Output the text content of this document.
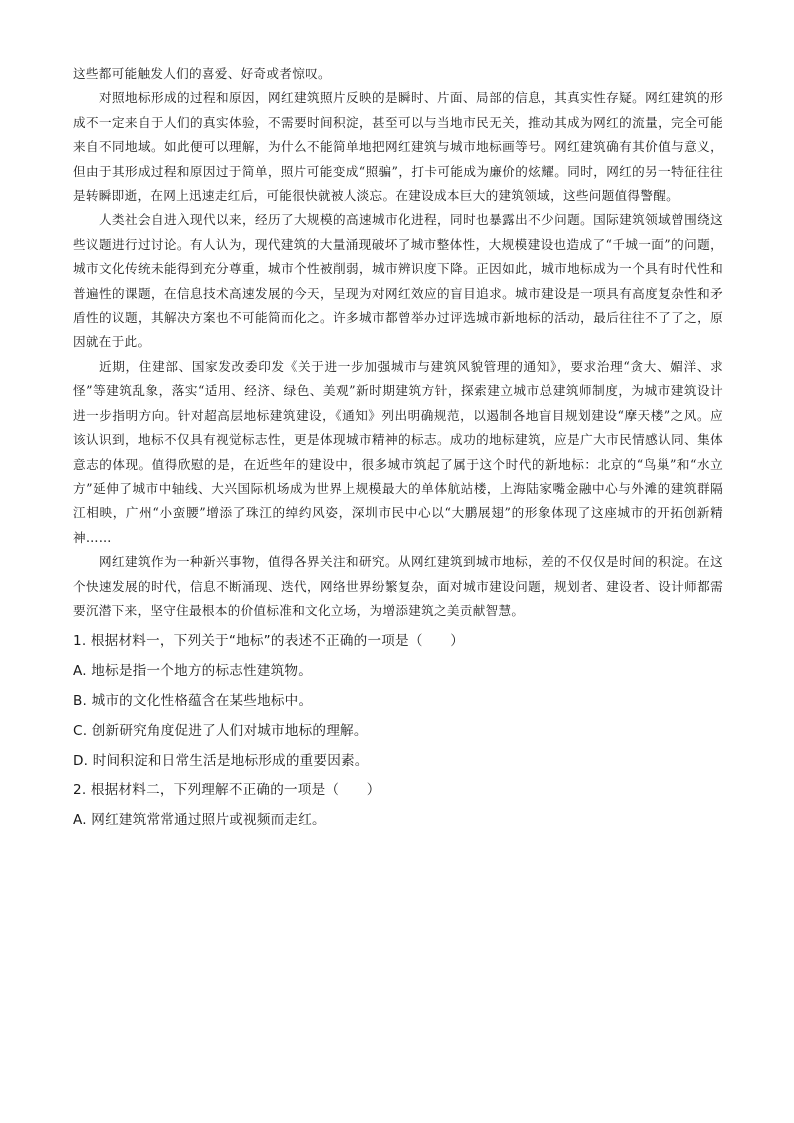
这些都可能触发人们的喜爱、好奇或者惊叹。

对照地标形成的过程和原因，网红建筑照片反映的是瞬时、片面、局部的信息，其真实性存疑。网红建筑的形成不一定来自于人们的真实体验，不需要时间积淀，甚至可以与当地市民无关，推动其成为网红的流量，完全可能来自不同地域。如此便可以理解，为什么不能简单地把网红建筑与城市地标画等号。网红建筑确有其价值与意义，但由于其形成过程和原因过于简单，照片可能变成“照骗”，打卡可能成为廉价的炫耀。同时，网红的另一特征往往是转瞬即逝，在网上迅速走红后，可能很快就被人淡忘。在建设成本巨大的建筑领域，这些问题值得警醒。

人类社会自进入现代以来，经历了大规模的高速城市化进程，同时也暴露出不少问题。国际建筑领域曾围绕这些议题进行过讨论。有人认为，现代建筑的大量涌现破坏了城市整体性，大规模建设也造成了“千城一面”的问题，城市文化传统未能得到充分尊重，城市个性被削弱，城市辨识度下降。正因如此，城市地标成为一个具有时代性和普遍性的课题，在信息技术高速发展的今天，呈现为对网红效应的盲目追求。城市建设是一项具有高度复杂性和矛盾性的议题，其解决方案也不可能简而化之。许多城市都曾举办过评选城市新地标的活动，最后往往不了了之，原因就在于此。

近期，住建部、国家发改委印发《关于进一步加强城市与建筑风貌管理的通知》，要求治理“贪大、媚洋、求怪”等建筑乱象，落实“适用、经济、绿色、美观”新时期建筑方针，探索建立城市总建筑师制度，为城市建筑设计进一步指明方向。针对超高层地标建筑建设，《通知》列出明确规范，以遏制各地盲目规划建设“摩天楼”之风。应该认识到，地标不仅具有视觉标志性，更是体现城市精神的标志。成功的地标建筑，应是广大市民情感认同、集体意志的体现。值得欣慰的是，在近些年的建设中，很多城市筑起了属于这个时代的新地标：北京的“鸟巢”和“水立方”延伸了城市中轴线、大兴国际机场成为世界上规模最大的单体航站楼，上海陆家嘴金融中心与外滩的建筑群隔江相映，广州“小蛮腰”增添了珠江的绰约风姿，深圳市民中心以“大鹏展翅”的形象体现了这座城市的开拓创新精神……

网红建筑作为一种新兴事物，值得各界关注和研究。从网红建筑到城市地标，差的不仅仅是时间的积淀。在这个快速发展的时代，信息不断涌现、迭代，网络世界纷繁复杂，面对城市建设问题，规划者、建设者、设计师都需要沉潜下来，坚守住最根本的价值标准和文化立场，为增添建筑之美贡献智慧。

1. 根据材料一，下列关于“地标”的表述不正确的一项是（　　）

A. 地标是指一个地方的标志性建筑物。

B. 城市的文化性格蕴含在某些地标中。

C. 创新研究角度促进了人们对城市地标的理解。

D. 时间积淀和日常生活是地标形成的重要因素。

2. 根据材料二，下列理解不正确的一项是（　　）

A. 网红建筑常常通过照片或视频而走红。
